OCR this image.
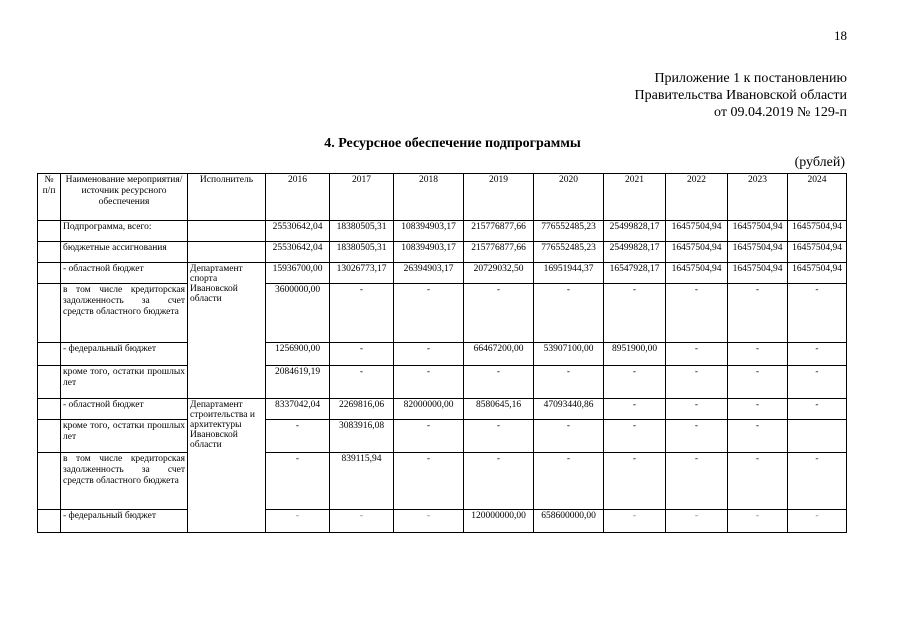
18
Приложение 1 к постановлению
Правительства Ивановской области
от 09.04.2019 № 129-п
4. Ресурсное обеспечение подпрограммы
(рублей)
№ п/п	Наименование мероприятия/источник ресурсного обеспечения	Исполнитель	2016	2017	2018	2019	2020	2021	2022	2023	2024
	Подпрограмма, всего:		25530642,04	18380505,31	108394903,17	215776877,66	776552485,23	25499828,17	16457504,94	16457504,94	16457504,94
	бюджетные ассигнования		25530642,04	18380505,31	108394903,17	215776877,66	776552485,23	25499828,17	16457504,94	16457504,94	16457504,94
	- областной бюджет	Департамент спорта Ивановской области	15936700,00	13026773,17	26394903,17	20729032,50	16951944,37	16547928,17	16457504,94	16457504,94	16457504,94
	в том числе кредиторская задолженность за счет средств областного бюджета		3600000,00	-	-	-	-	-	-	-	-
	- федеральный бюджет		1256900,00	-	-	66467200,00	53907100,00	8951900,00	-	-	-
	кроме того, остатки прошлых лет		2084619,19	-	-	-	-	-	-	-	-
	- областной бюджет	Департамент строительства и архитектуры Ивановской области	8337042,04	2269816,06	82000000,00	8580645,16	47093440,86	-	-	-	-
	кроме того, остатки прошлых лет		-	3083916,08	-	-	-	-	-	-	
	в том числе кредиторская задолженность за счет средств областного бюджета		-	839115,94	-	-	-	-	-	-	-
	- федеральный бюджет		-	-	-	120000000,00	658600000,00	-	-	-	-
